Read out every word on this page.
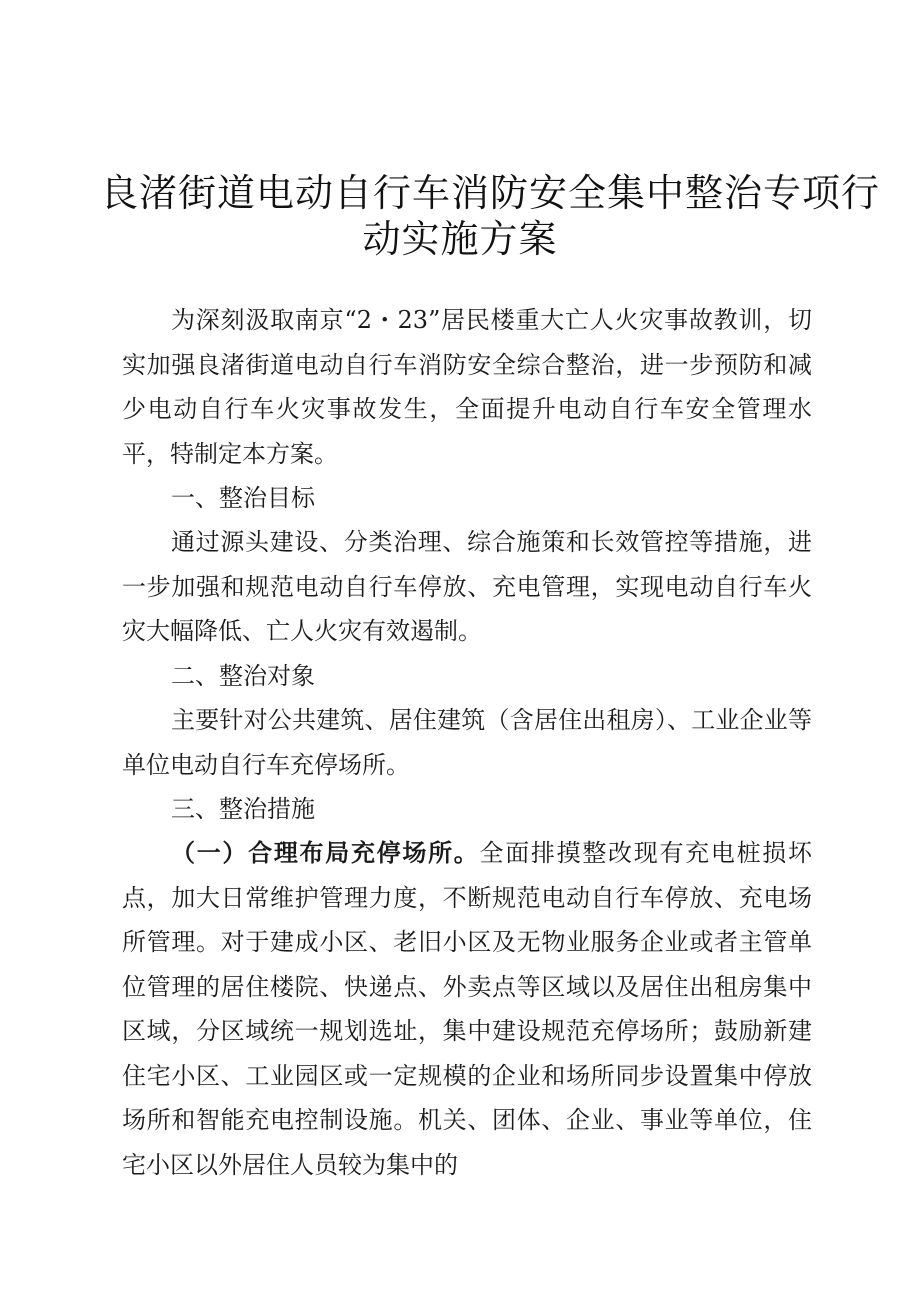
良渚街道电动自行车消防安全集中整治专项行
动实施方案

为深刻汲取南京“2・23”居民楼重大亡人火灾事故教训，切实加强良渚街道电动自行车消防安全综合整治，进一步预防和减少电动自行车火灾事故发生，全面提升电动自行车安全管理水平，特制定本方案。

一、整治目标

通过源头建设、分类治理、综合施策和长效管控等措施，进一步加强和规范电动自行车停放、充电管理，实现电动自行车火灾大幅降低、亡人火灾有效遏制。

二、整治对象

主要针对公共建筑、居住建筑（含居住出租房）、工业企业等单位电动自行车充停场所。

三、整治措施

（一）合理布局充停场所。全面排摸整改现有充电桩损坏点，加大日常维护管理力度，不断规范电动自行车停放、充电场所管理。对于建成小区、老旧小区及无物业服务企业或者主管单位管理的居住楼院、快递点、外卖点等区域以及居住出租房集中区域，分区域统一规划选址，集中建设规范充停场所；鼓励新建住宅小区、工业园区或一定规模的企业和场所同步设置集中停放场所和智能充电控制设施。机关、团体、企业、事业等单位，住宅小区以外居住人员较为集中的
